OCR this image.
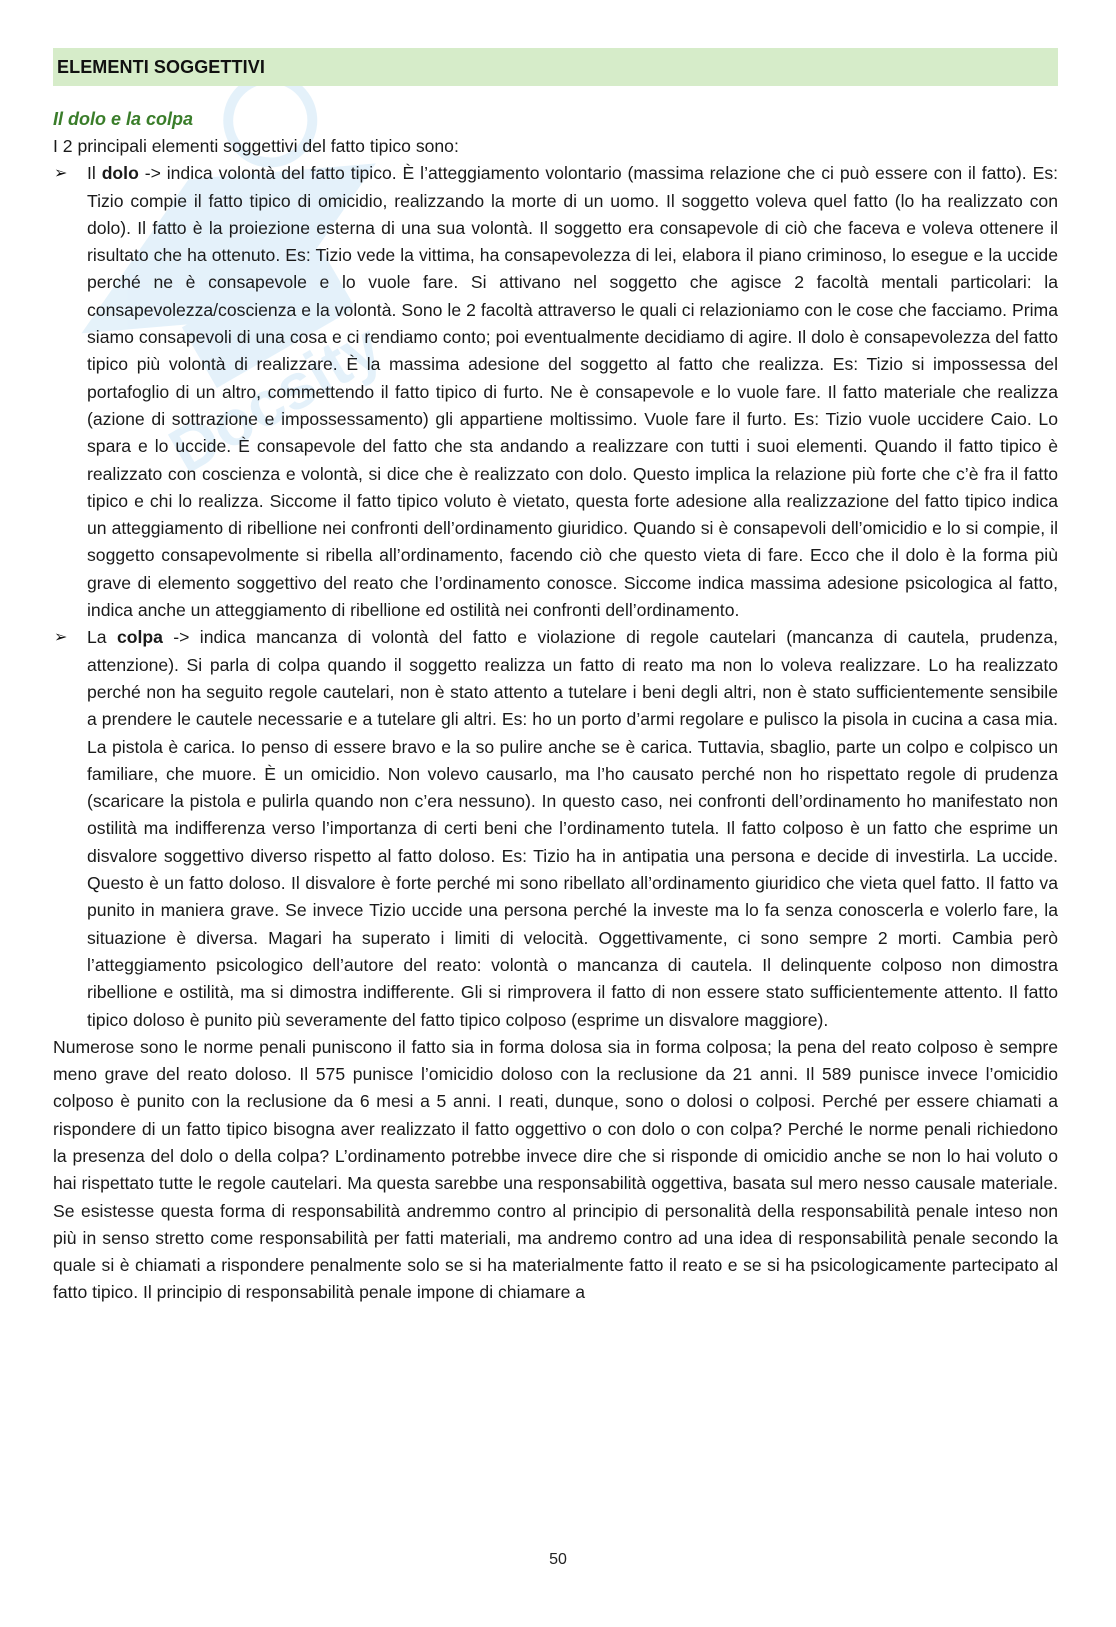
Docsity
ELEMENTI SOGGETTIVI
Il dolo e la colpa

I 2 principali elementi soggettivi del fatto tipico sono:

➢ Il dolo -> indica volontà del fatto tipico. È l’atteggiamento volontario (massima relazione che ci può essere con il fatto). Es: Tizio compie il fatto tipico di omicidio, realizzando la morte di un uomo. Il soggetto voleva quel fatto (lo ha realizzato con dolo). Il fatto è la proiezione esterna di una sua volontà. Il soggetto era consapevole di ciò che faceva e voleva ottenere il risultato che ha ottenuto. Es: Tizio vede la vittima, ha consapevolezza di lei, elabora il piano criminoso, lo esegue e la uccide perché ne è consapevole e lo vuole fare. Si attivano nel soggetto che agisce 2 facoltà mentali particolari: la consapevolezza/coscienza e la volontà. Sono le 2 facoltà attraverso le quali ci relazioniamo con le cose che facciamo. Prima siamo consapevoli di una cosa e ci rendiamo conto; poi eventualmente decidiamo di agire. Il dolo è consapevolezza del fatto tipico più volontà di realizzare. È la massima adesione del soggetto al fatto che realizza. Es: Tizio si impossessa del portafoglio di un altro, commettendo il fatto tipico di furto. Ne è consapevole e lo vuole fare. Il fatto materiale che realizza (azione di sottrazione e impossessamento) gli appartiene moltissimo. Vuole fare il furto. Es: Tizio vuole uccidere Caio. Lo spara e lo uccide. È consapevole del fatto che sta andando a realizzare con tutti i suoi elementi. Quando il fatto tipico è realizzato con coscienza e volontà, si dice che è realizzato con dolo. Questo implica la relazione più forte che c’è fra il fatto tipico e chi lo realizza. Siccome il fatto tipico voluto è vietato, questa forte adesione alla realizzazione del fatto tipico indica un atteggiamento di ribellione nei confronti dell’ordinamento giuridico. Quando si è consapevoli dell’omicidio e lo si compie, il soggetto consapevolmente si ribella all’ordinamento, facendo ciò che questo vieta di fare. Ecco che il dolo è la forma più grave di elemento soggettivo del reato che l’ordinamento conosce. Siccome indica massima adesione psicologica al fatto, indica anche un atteggiamento di ribellione ed ostilità nei confronti dell’ordinamento.
➢ La colpa -> indica mancanza di volontà del fatto e violazione di regole cautelari (mancanza di cautela, prudenza, attenzione). Si parla di colpa quando il soggetto realizza un fatto di reato ma non lo voleva realizzare. Lo ha realizzato perché non ha seguito regole cautelari, non è stato attento a tutelare i beni degli altri, non è stato sufficientemente sensibile a prendere le cautele necessarie e a tutelare gli altri. Es: ho un porto d’armi regolare e pulisco la pisola in cucina a casa mia. La pistola è carica. Io penso di essere bravo e la so pulire anche se è carica. Tuttavia, sbaglio, parte un colpo e colpisco un familiare, che muore. È un omicidio. Non volevo causarlo, ma l’ho causato perché non ho rispettato regole di prudenza (scaricare la pistola e pulirla quando non c’era nessuno). In questo caso, nei confronti dell’ordinamento ho manifestato non ostilità ma indifferenza verso l’importanza di certi beni che l’ordinamento tutela. Il fatto colposo è un fatto che esprime un disvalore soggettivo diverso rispetto al fatto doloso. Es: Tizio ha in antipatia una persona e decide di investirla. La uccide. Questo è un fatto doloso. Il disvalore è forte perché mi sono ribellato all’ordinamento giuridico che vieta quel fatto. Il fatto va punito in maniera grave. Se invece Tizio uccide una persona perché la investe ma lo fa senza conoscerla e volerlo fare, la situazione è diversa. Magari ha superato i limiti di velocità. Oggettivamente, ci sono sempre 2 morti. Cambia però l’atteggiamento psicologico dell’autore del reato: volontà o mancanza di cautela. Il delinquente colposo non dimostra ribellione e ostilità, ma si dimostra indifferente. Gli si rimprovera il fatto di non essere stato sufficientemente attento. Il fatto tipico doloso è punito più severamente del fatto tipico colposo (esprime un disvalore maggiore).

Numerose sono le norme penali puniscono il fatto sia in forma dolosa sia in forma colposa; la pena del reato colposo è sempre meno grave del reato doloso. Il 575 punisce l’omicidio doloso con la reclusione da 21 anni. Il 589 punisce invece l’omicidio colposo è punito con la reclusione da 6 mesi a 5 anni. I reati, dunque, sono o dolosi o colposi. Perché per essere chiamati a rispondere di un fatto tipico bisogna aver realizzato il fatto oggettivo o con dolo o con colpa? Perché le norme penali richiedono la presenza del dolo o della colpa? L’ordinamento potrebbe invece dire che si risponde di omicidio anche se non lo hai voluto o hai rispettato tutte le regole cautelari. Ma questa sarebbe una responsabilità oggettiva, basata sul mero nesso causale materiale. Se esistesse questa forma di responsabilità andremmo contro al principio di personalità della responsabilità penale inteso non più in senso stretto come responsabilità per fatti materiali, ma andremo contro ad una idea di responsabilità penale secondo la quale si è chiamati a rispondere penalmente solo se si ha materialmente fatto il reato e se si ha psicologicamente partecipato al fatto tipico. Il principio di responsabilità penale impone di chiamare a

50
